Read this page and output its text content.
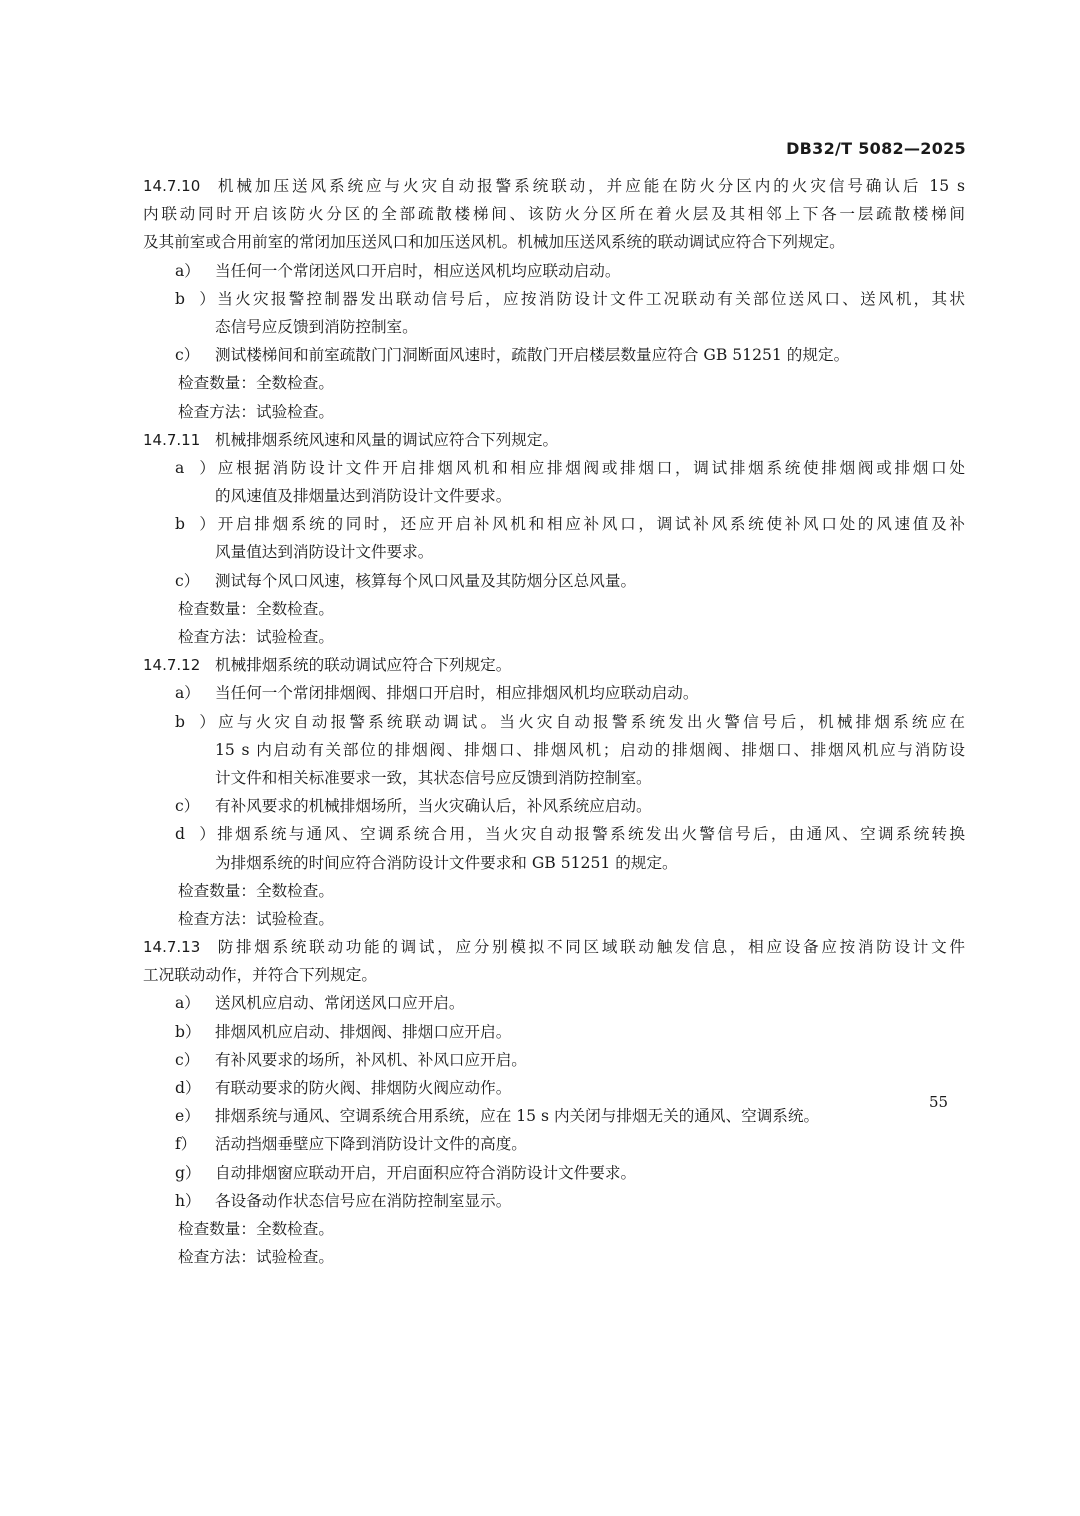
DB32/T 5082—2025
14.7.10 机械加压送风系统应与火灾自动报警系统联动，并应能在防火分区内的火灾信号确认后 15 s
内联动同时开启该防火分区的全部疏散楼梯间、该防火分区所在着火层及其相邻上下各一层疏散楼梯间
及其前室或合用前室的常闭加压送风口和加压送风机。机械加压送风系统的联动调试应符合下列规定。
a） 当任何一个常闭送风口开启时，相应送风机均应联动启动。
b）当火灾报警控制器发出联动信号后，应按消防设计文件工况联动有关部位送风口、送风机，其状
态信号应反馈到消防控制室。
c） 测试楼梯间和前室疏散门门洞断面风速时，疏散门开启楼层数量应符合 GB 51251 的规定。
检查数量：全数检查。
检查方法：试验检查。
14.7.11 机械排烟系统风速和风量的调试应符合下列规定。
a）应根据消防设计文件开启排烟风机和相应排烟阀或排烟口，调试排烟系统使排烟阀或排烟口处
的风速值及排烟量达到消防设计文件要求。
b）开启排烟系统的同时，还应开启补风机和相应补风口，调试补风系统使补风口处的风速值及补
风量值达到消防设计文件要求。
c） 测试每个风口风速，核算每个风口风量及其防烟分区总风量。
检查数量：全数检查。
检查方法：试验检查。
14.7.12 机械排烟系统的联动调试应符合下列规定。
a） 当任何一个常闭排烟阀、排烟口开启时，相应排烟风机均应联动启动。
b）应与火灾自动报警系统联动调试。当火灾自动报警系统发出火警信号后，机械排烟系统应在
15 s 内启动有关部位的排烟阀、排烟口、排烟风机；启动的排烟阀、排烟口、排烟风机应与消防设
计文件和相关标准要求一致，其状态信号应反馈到消防控制室。
c） 有补风要求的机械排烟场所，当火灾确认后，补风系统应启动。
d）排烟系统与通风、空调系统合用，当火灾自动报警系统发出火警信号后，由通风、空调系统转换
为排烟系统的时间应符合消防设计文件要求和 GB 51251 的规定。
检查数量：全数检查。
检查方法：试验检查。
14.7.13 防排烟系统联动功能的调试，应分别模拟不同区域联动触发信息，相应设备应按消防设计文件
工况联动动作，并符合下列规定。
a） 送风机应启动、常闭送风口应开启。
b） 排烟风机应启动、排烟阀、排烟口应开启。
c） 有补风要求的场所，补风机、补风口应开启。
d） 有联动要求的防火阀、排烟防火阀应动作。
e） 排烟系统与通风、空调系统合用系统，应在 15 s 内关闭与排烟无关的通风、空调系统。
f） 活动挡烟垂壁应下降到消防设计文件的高度。
g） 自动排烟窗应联动开启，开启面积应符合消防设计文件要求。
h） 各设备动作状态信号应在消防控制室显示。
检查数量：全数检查。
检查方法：试验检查。
55
